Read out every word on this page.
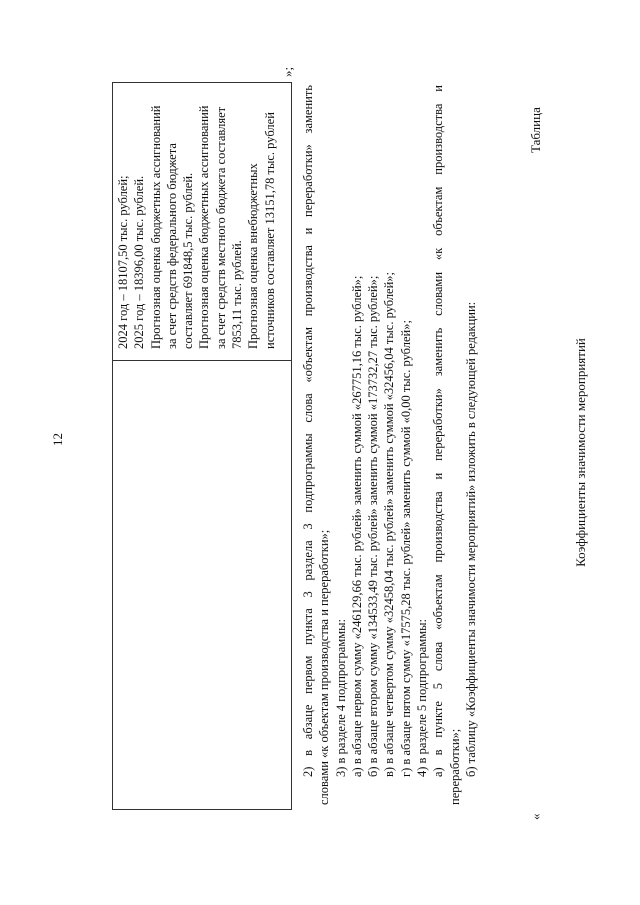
12
2024 год – 18107,50 тыс. рублей; 2025 год – 18396,00 тыс. рублей. Прогнозная оценка бюджетных ассигнований за счет средств федерального бюджета составляет 691848,5 тыс. рублей. Прогнозная оценка бюджетных ассигнований за счет средств местного бюджета составляет 7853,11 тыс. рублей. Прогнозная оценка внебюджетных источников составляет 13151,78 тыс. рублей
»;

2) в абзаце первом пункта 3 раздела 3 подпрограммы слова «объектам производства и переработки» заменить словами «к объектам производства и переработки»; 3) в разделе 4 подпрограммы: а) в абзаце первом сумму «246129,66 тыс. рублей» заменить суммой «267751,16 тыс. рублей»; б) в абзаце втором сумму «134533,49 тыс. рублей» заменить суммой «173732,27 тыс. рублей»; в) в абзаце четвертом сумму «32458,04 тыс. рублей» заменить суммой «32456,04 тыс. рублей»; г) в абзаце пятом сумму «17575,28 тыс. рублей» заменить суммой «0,00 тыс. рублей»; 4) в разделе 5 подпрограммы: а) в пункте 5 слова «объектам производства и переработки» заменить словами «к объектам производства и переработки»; б) таблицу «Коэффициенты значимости мероприятий» изложить в следующей редакции:

«
Таблица
Коэффициенты значимости мероприятий
